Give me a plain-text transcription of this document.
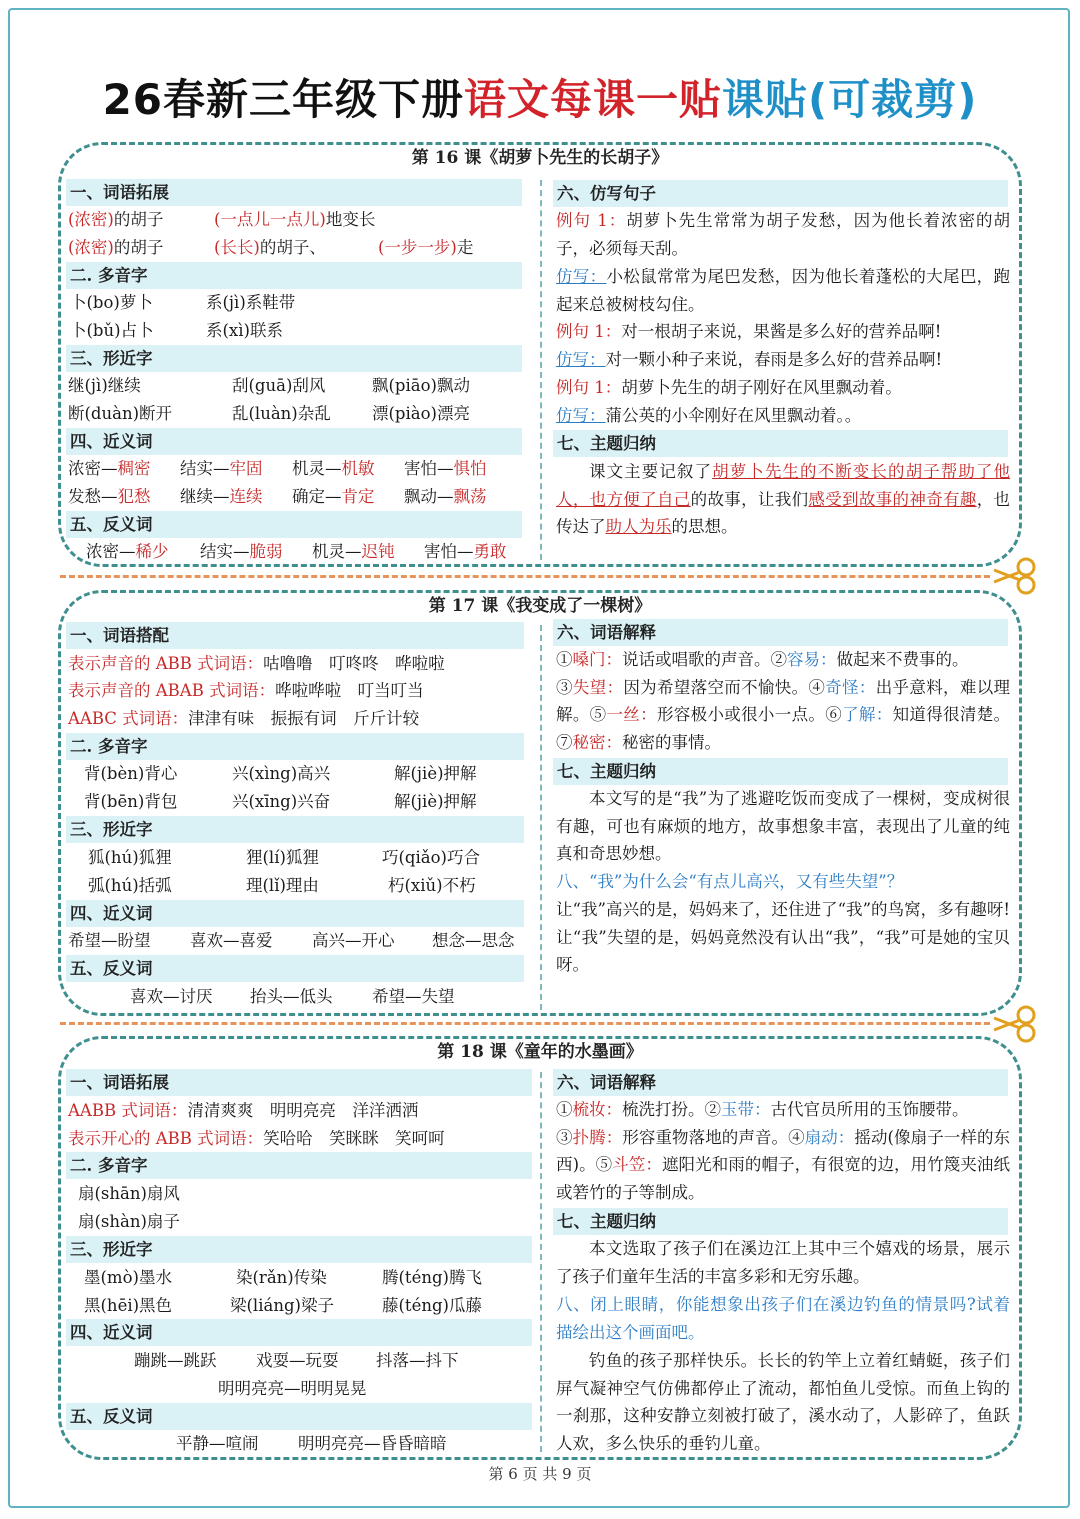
26春新三年级下册语文每课一贴课贴(可裁剪)
第 16 课《胡萝卜先生的长胡子》
一、词语拓展
(浓密)的胡子	(一点儿一点儿)地变长
(浓密)的胡子	(长长)的胡子、	(一步一步)走
二. 多音字
卜(bo)萝卜	系(jì)系鞋带
卜(bǔ)占卜	系(xì)联系
三、形近字
继(jì)继续	刮(guā)刮风	飘(piāo)飘动
断(duàn)断开	乱(luàn)杂乱	漂(piào)漂亮
四、近义词
浓密—稠密 结实—牢固 机灵—机敏 害怕—惧怕
发愁—犯愁 继续—连续 确定—肯定 飘动—飘荡
五、反义词
浓密—稀少 结实—脆弱 机灵—迟钝 害怕—勇敢
六、仿写句子
例句 1：胡萝卜先生常常为胡子发愁，因为他长着浓密的胡子，必须每天刮。
仿写：小松鼠常常为尾巴发愁，因为他长着蓬松的大尾巴，跑起来总被树枝勾住。
例句 1：对一根胡子来说，果酱是多么好的营养品啊!
仿写：对一颗小种子来说，春雨是多么好的营养品啊!
例句 1：胡萝卜先生的胡子刚好在风里飘动着。
仿写：蒲公英的小伞刚好在风里飘动着。。
七、主题归纳
课文主要记叙了胡萝卜先生的不断变长的胡子帮助了他人，也方便了自己的故事，让我们感受到故事的神奇有趣，也传达了助人为乐的思想。
第 17 课《我变成了一棵树》
一、词语搭配
表示声音的 ABB 式词语：咕噜噜　叮咚咚　哗啦啦
表示声音的 ABAB 式词语：哗啦哗啦　叮当叮当
AABC 式词语：津津有味　振振有词　斤斤计较
二. 多音字
背(bèn)背心	兴(xìng)高兴	解(jiè)押解
背(bēn)背包	兴(xīng)兴奋	解(jiè)押解
三、形近字
狐(hú)狐狸	狸(lí)狐狸	巧(qiǎo)巧合
弧(hú)括弧	理(lǐ)理由	朽(xiǔ)不朽
四、近义词
希望—盼望 喜欢—喜爱 高兴—开心 想念—思念
五、反义词
喜欢—讨厌 抬头—低头 希望—失望
六、词语解释
①嗓门：说话或唱歌的声音。②容易：做起来不费事的。
③失望：因为希望落空而不愉快。④奇怪：出乎意料，难以理解。⑤一丝：形容极小或很小一点。⑥了解：知道得很清楚。⑦秘密：秘密的事情。
七、主题归纳
本文写的是“我”为了逃避吃饭而变成了一棵树，变成树很有趣，可也有麻烦的地方，故事想象丰富，表现出了儿童的纯真和奇思妙想。
八、“我”为什么会“有点儿高兴，又有些失望”？
让“我”高兴的是，妈妈来了，还住进了“我”的鸟窝，多有趣呀!让“我”失望的是，妈妈竟然没有认出“我”，“我”可是她的宝贝呀。
第 18 课《童年的水墨画》
一、词语拓展
AABB 式词语：清清爽爽　明明亮亮　洋洋洒洒
表示开心的 ABB 式词语：笑哈哈　笑眯眯　笑呵呵
二. 多音字
扇(shān)扇风
扇(shàn)扇子
三、形近字
墨(mò)墨水	染(rǎn)传染	腾(téng)腾飞
黑(hēi)黑色	梁(liáng)梁子	藤(téng)瓜藤
四、近义词
蹦跳—跳跃 戏耍—玩耍 抖落—抖下
明明亮亮—明明晃晃
五、反义词
平静—喧闹 明明亮亮—昏昏暗暗
六、词语解释
①梳妆：梳洗打扮。②玉带：古代官员所用的玉饰腰带。
③扑腾：形容重物落地的声音。④扇动：摇动(像扇子一样的东西)。⑤斗笠：遮阳光和雨的帽子，有很宽的边，用竹篾夹油纸或箬竹的子等制成。
七、主题归纳
本文选取了孩子们在溪边江上其中三个嬉戏的场景，展示了孩子们童年生活的丰富多彩和无穷乐趣。
八、闭上眼睛，你能想象出孩子们在溪边钓鱼的情景吗?试着描绘出这个画面吧。
钓鱼的孩子那样快乐。长长的钓竿上立着红蜻蜓，孩子们屏气凝神空气仿佛都停止了流动，都怕鱼儿受惊。而鱼上钩的一刹那，这种安静立刻被打破了，溪水动了，人影碎了，鱼跃人欢，多么快乐的垂钓儿童。
第 6 页 共 9 页
